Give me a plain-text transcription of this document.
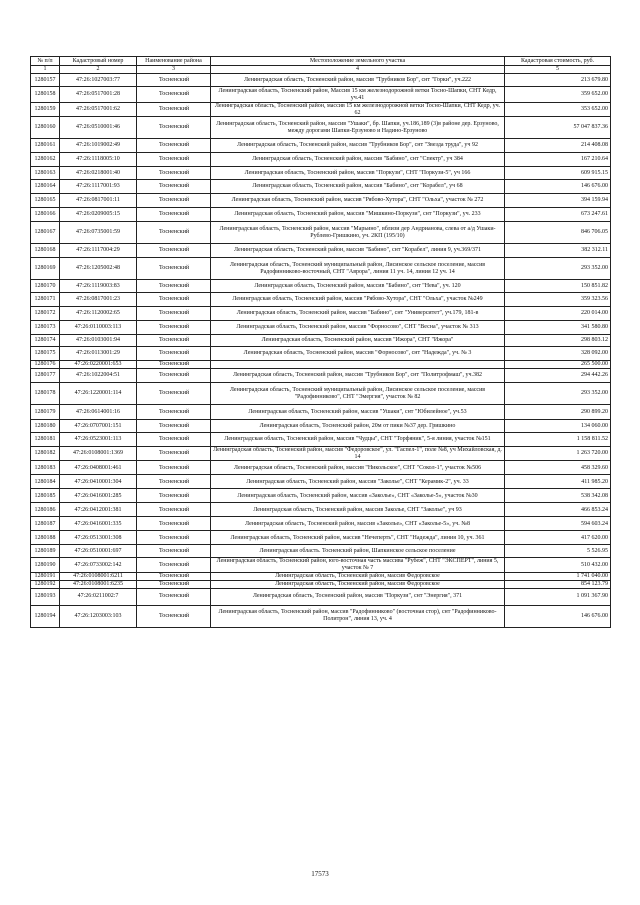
№ п/п	Кадастровый номер	Наименование района	Местоположение земельного участка	Кадастровая стоимость, руб.
1	2	3	4	5
1280157	47:26:1027003:77	Тосненский	Ленинградская область, Тосненский район, массив "Трубников Бор", снт "Горки", уч.222	213 679.80
1280158	47:26:0517001:28	Тосненский	Ленинградская область, Тосненский район, Массив 15 км железнодорожной ветки Тосно-Шапки, СНТ Кедр, уч.41	359 652.00
1280159	47:26:0517001:62	Тосненский	Ленинградская область, Тосненский район, массив 15 км железнодорожной ветки Тосно-Шапки, СНТ Кедр, уч. 62	353 652.00
1280160	47:26:0510001:46	Тосненский	Ленинградская область, Тосненский район, массив "Ушаки", бр. Шапки, уч.186,189 (3)в районе дер. Ерзуново, между дорогами Шапки-Ерзуново и Надино-Ерзуново	57 047 837.36
1280161	47:26:1019002:49	Тосненский	Ленинградская область, Тосненский район, массив "Трубников Бор", снт "Звезда труда", уч 92	214 408.08
1280162	47:26:1118005:10	Тосненский	Ленинградская область, Тосненский район, массив "Бабино", снт "Спектр", уч 384	167 210.64
1280163	47:26:0218001:40	Тосненский	Ленинградская область, Тосненский район, массив "Поркузи", СНТ "Поркузи-5", уч 166	609 915.15
1280164	47:26:1117001:93	Тосненский	Ленинградская область, Тосненский район, массив "Бабино", снт "Корабел", уч 68	146 676.00
1280165	47:26:0817001:11	Тосненский	Ленинградская область, Тосненский район, массив "Рябово-Хутора", СНТ "Ольха", участок № 272	394 159.94
1280166	47:26:0209005:15	Тосненский	Ленинградская область, Тосненский район, массив "Мишкино-Поркузи", снт "Поркузи", уч. 233	673 247.61
1280167	47:26:0735001:59	Тосненский	Ленинградская область, Тосненский район, массив "Марьино", вблизи дер Андрианова, слева от а/д Ушаки-Рублево-Гришкино, уч. 2КП (195/10)	846 706.05
1280168	47:26:1117004:29	Тосненский	Ленинградская область, Тосненский район, массив "Бабино", снт "Корабел", линия 9, уч.369/371	382 312.11
1280169	47:26:1205002:48	Тосненский	Ленинградская область, Тосненский муниципальный район, Лисинское сельское поселение, массив Радофинниково-восточный, СНТ "Аврора", линия 11 уч. 14, линия 12 уч. 14	293 352.00
1280170	47:26:1119003:83	Тосненский	Ленинградская область, Тосненский район, массив "Бабино", снт "Нева", уч. 120	150 851.82
1280171	47:26:0817001:23	Тосненский	Ленинградская область, Тосненский район, массив "Рябово-Хутора", СНТ "Ольха", участок №249	359 323.56
1280172	47:26:1120002:65	Тосненский	Ленинградская область, Тосненский район, массив "Бабино", снт "Университет", уч.179, 181-в	220 014.00
1280173	47:26:0110003:113	Тосненский	Ленинградская область, Тосненский район, массив "Форносово", СНТ "Весна", участок № 313	341 580.80
1280174	47:26:0103001:94	Тосненский	Ленинградская область, Тосненский район, массив "Ижора", СНТ "Ижора"	298 803.12
1280175	47:26:0113001:29	Тосненский	Ленинградская область, Тосненский район, массив "Форносово", снт "Надежда", уч. № 3	328 092.00
1280176	47:26:0220001:653	Тосненский		265 500.00
1280177	47:26:1022004:51	Тосненский	Ленинградская область, Тосненский район, массив "Трубников Бор", снт "Политрофмаш", уч.382	294 442.26
1280178	47:26:1220001:114	Тосненский	Ленинградская область, Тосненский муниципальный район, Лисинское сельское поселение, массив "Радофинниково", СНТ "Эмергия", участок № 82	293 352.00
1280179	47:26:0614001:16	Тосненский	Ленинградская область, Тосненский район, массив "Ушаки", снт "Юбилейное", уч.53	290 899.20
1280180	47:26:0707001:151	Тосненский	Ленинградская область, Тосненский район, 20м от пики №37 дер. Гришкино	134 060.00
1280181	47:26:0523001:113	Тосненский	Ленинградская область, Тосненский район, массив "Чудцы", СНТ "Торфяник", 5-я линия, участок №151	1 158 811.52
1280182	47:26:0108001:1369	Тосненский	Ленинградская область, Тосненский район, массив "Федоровское", ул. "Гаспел-1", поле №8, уч Михайловская, д. 14	1 263 720.00
1280183	47:26:0408001:461	Тосненский	Ленинградская область, Тосненский район, массив "Никольское", СНТ "Сокол-1", участок №506	458 329.60
1280184	47:26:0410001:304	Тосненский	Ленинградская область, Тосненский район, массив "Заколье", СНТ "Керамик-2", уч. 33	411 985.20
1280185	47:26:0416001:285	Тосненский	Ленинградская область, Тосненский район, массив «Заколье», СНТ «Заколье-5», участок №30	538 342.08
1280186	47:26:0412001:381	Тосненский	Ленинградская область, Тосненский район, массив Заколье, СНТ "Заколье", уч 93	466 853.24
1280187	47:26:0416001:335	Тосненский	Ленинградская область, Тосненский район, массив «Заколье», СНТ «Заколье-5», уч. №8	594 603.24
1280188	47:26:0513001:308	Тосненский	Ленинградская область, Тосненский район, массив "Нечеперть", СНТ "Надежда", линия 10, уч. 361	417 620.00
1280189	47:26:0510001:697	Тосненский	Ленинградская область. Тосненский район, Шапкинское сельское поселение	5 526.95
1280190	47:26:0733002:142	Тосненский	Ленинградская область, Тосненский район, юго-восточная часть массива "Рубеж", СНТ "ЭКСПЕРТ", линия 5, участок № 7	510 432.00
1280191	47:26:0108001:6211	Тосненский	Ленинградская область, Тосненский район, массив Федоровское	1 741 040.00
1280192	47:26:0108001:6235	Тосненский	Ленинградская область, Тосненский район, массив Федоровское	854 123.79
1280193	47:26:0211002:7	Тосненский	Ленинградская область, Тосненский район, массив "Поркузи", снт "Энергия", 371	1 091 367.90
1280194	47:26:1203003:103	Тосненский	Ленинградская область, Тосненский район, массив "Радофинниково" (восточная стор), снт "Радофинниково-Политрон", линия 13, уч. 4	146 676.00
17573
